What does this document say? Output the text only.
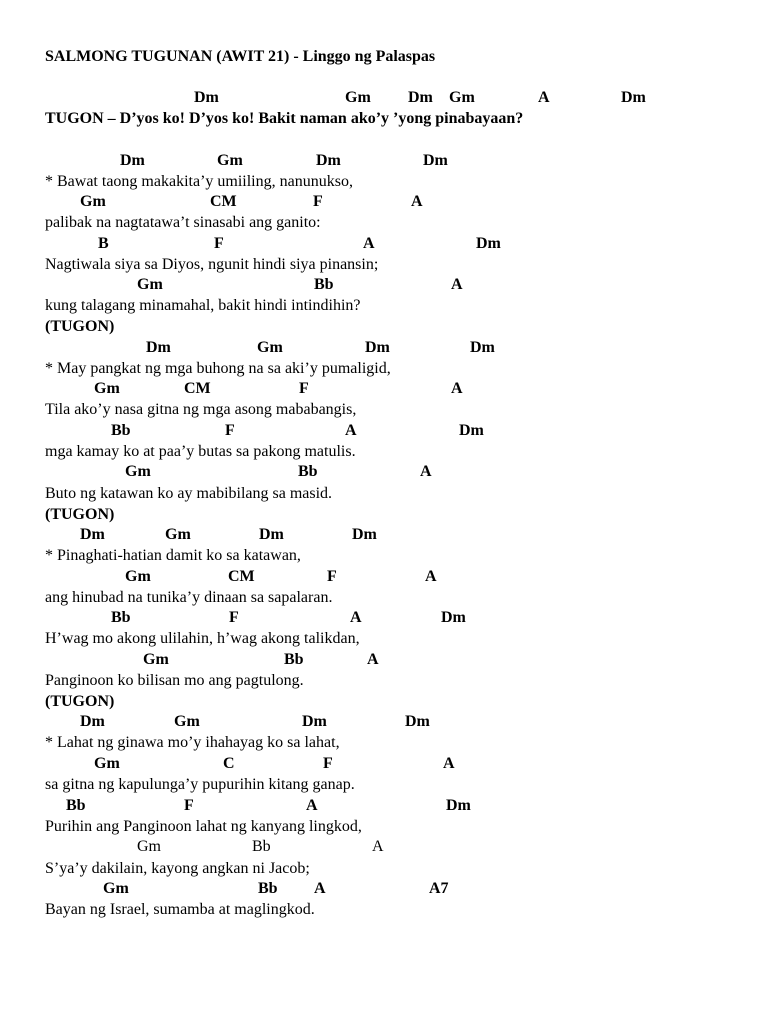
SALMONG TUGUNAN (AWIT 21) - Linggo ng Palaspas
Dm	Gm Dm Gm	A	Dm
TUGON – D’yos ko! D’yos ko! Bakit naman ako’y ’yong pinabayaan?
Dm	Gm	Dm	Dm
* Bawat taong makakita’y umiiling, nanunukso,
Gm	CM	F	A
palibak na nagtatawa’t sinasabi ang ganito:
B	F	A	Dm
Nagtiwala siya sa Diyos, ngunit hindi siya pinansin;
Gm	Bb	A
kung talagang minamahal, bakit hindi intindihin?
(TUGON)
Dm	Gm	Dm	Dm
* May pangkat ng mga buhong na sa aki’y pumaligid,
Gm	CM	F	A
Tila ako’y nasa gitna ng mga asong mababangis,
Bb	F	A	Dm
mga kamay ko at paa’y butas sa pakong matulis.
Gm	Bb	A
Buto ng katawan ko ay mabibilang sa masid.
(TUGON)
Dm	Gm	Dm	Dm
* Pinaghati-hatian damit ko sa katawan,
Gm	CM	F	A
ang hinubad na tunika’y dinaan sa sapalaran.
Bb	F	A	Dm
H’wag mo akong ulilahin, h’wag akong talikdan,
Gm	Bb	A
Panginoon ko bilisan mo ang pagtulong.
(TUGON)
Dm	Gm	Dm	Dm
* Lahat ng ginawa mo’y ihahayag ko sa lahat,
Gm	C	F	A
sa gitna ng kapulunga’y pupurihin kitang ganap.
Bb	F	A	Dm
Purihin ang Panginoon lahat ng kanyang lingkod,
Gm	Bb	A
S’ya’y dakilain, kayong angkan ni Jacob;
Gm	Bb A	A7
Bayan ng Israel, sumamba at maglingkod.
